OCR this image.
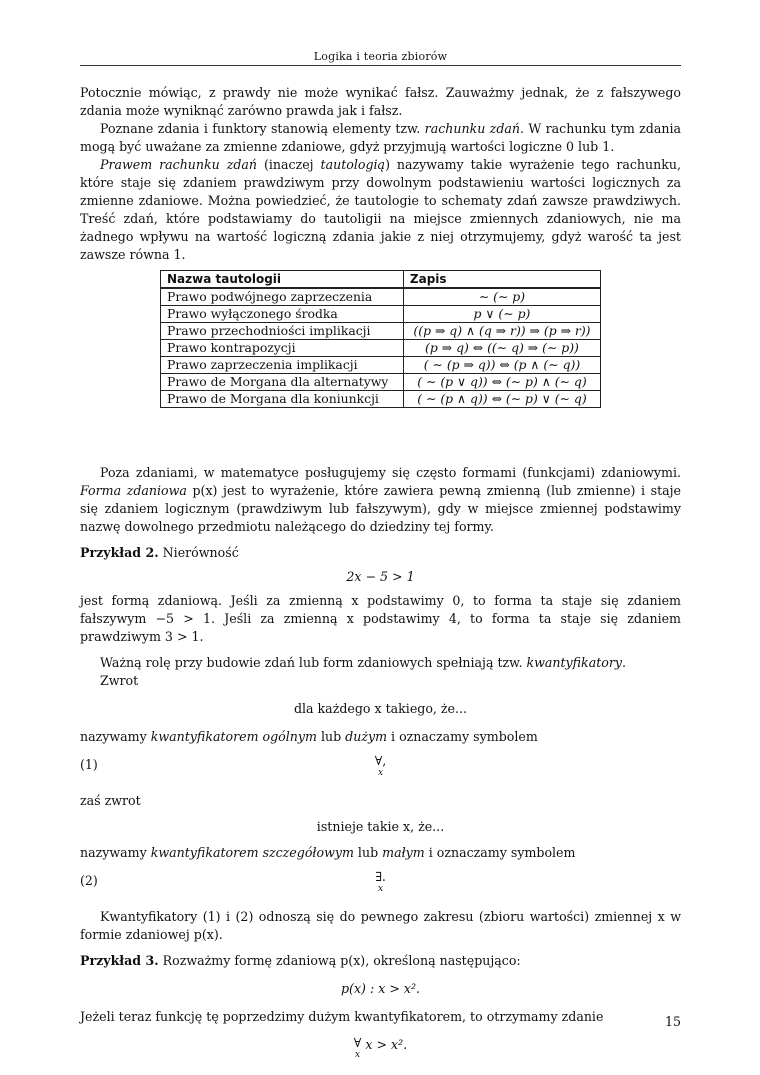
Logika i teoria zbiorów

Potocznie mówiąc, z prawdy nie może wynikać fałsz. Zauważmy jednak, że z fałszywego zdania może wyniknąć zarówno prawda jak i fałsz.

Poznane zdania i funktory stanowią elementy tzw. rachunku zdań. W rachunku tym zdania mogą być uważane za zmienne zdaniowe, gdyż przyjmują wartości logiczne 0 lub 1.

Prawem rachunku zdań (inaczej tautologią) nazywamy takie wyrażenie tego rachunku, które staje się zdaniem prawdziwym przy dowolnym podstawieniu wartości logicznych za zmienne zdaniowe. Można powiedzieć, że tautologie to schematy zdań zawsze prawdziwych. Treść zdań, które podstawiamy do tautoligii na miejsce zmiennych zdaniowych, nie ma żadnego wpływu na wartość logiczną zdania jakie z niej otrzymujemy, gdyż warość ta jest zawsze równa 1.

Nazwa tautologii	Zapis
Prawo podwójnego zaprzeczenia	∼ (∼ p)
Prawo wyłączonego środka	p ∨ (∼ p)
Prawo przechodniości implikacji	((p ⇒ q) ∧ (q ⇒ r)) ⇒ (p ⇒ r))
Prawo kontrapozycji	(p ⇒ q) ⇔ ((∼ q) ⇒ (∼ p))
Prawo zaprzeczenia implikacji	( ∼ (p ⇒ q)) ⇔ (p ∧ (∼ q))
Prawo de Morgana dla alternatywy	( ∼ (p ∨ q)) ⇔ (∼ p) ∧ (∼ q)
Prawo de Morgana dla koniunkcji	( ∼ (p ∧ q)) ⇔ (∼ p) ∨ (∼ q)

Poza zdaniami, w matematyce posługujemy się często formami (funkcjami) zdaniowymi. Forma zdaniowa p(x) jest to wyrażenie, które zawiera pewną zmienną (lub zmienne) i staje się zdaniem logicznym (prawdziwym lub fałszywym), gdy w miejsce zmiennej podstawimy nazwę dowolnego przedmiotu należącego do dziedziny tej formy.

Przykład 2. Nierówność

2x − 5 > 1

jest formą zdaniową. Jeśli za zmienną x podstawimy 0, to forma ta staje się zdaniem fałszywym −5 > 1. Jeśli za zmienną x podstawimy 4, to forma ta staje się zdaniem prawdziwym 3 > 1.

Ważną rolę przy budowie zdań lub form zdaniowych spełniają tzw. kwantyfikatory.

Zwrot

dla każdego x takiego, że...

nazywamy kwantyfikatorem ogólnym lub dużym i oznaczamy symbolem

(1)	∀,
x

zaś zwrot

istnieje takie x, że...

nazywamy kwantyfikatorem szczegółowym lub małym i oznaczamy symbolem

(2)	∃.
x

Kwantyfikatory (1) i (2) odnoszą się do pewnego zakresu (zbioru wartości) zmiennej x w formie zdaniowej p(x).

Przykład 3. Rozważmy formę zdaniową p(x), określoną następująco:

p(x) : x > x².

Jeżeli teraz funkcję tę poprzedzimy dużym kwantyfikatorem, to otrzymamy zdanie

∀
x
x > x².
15
